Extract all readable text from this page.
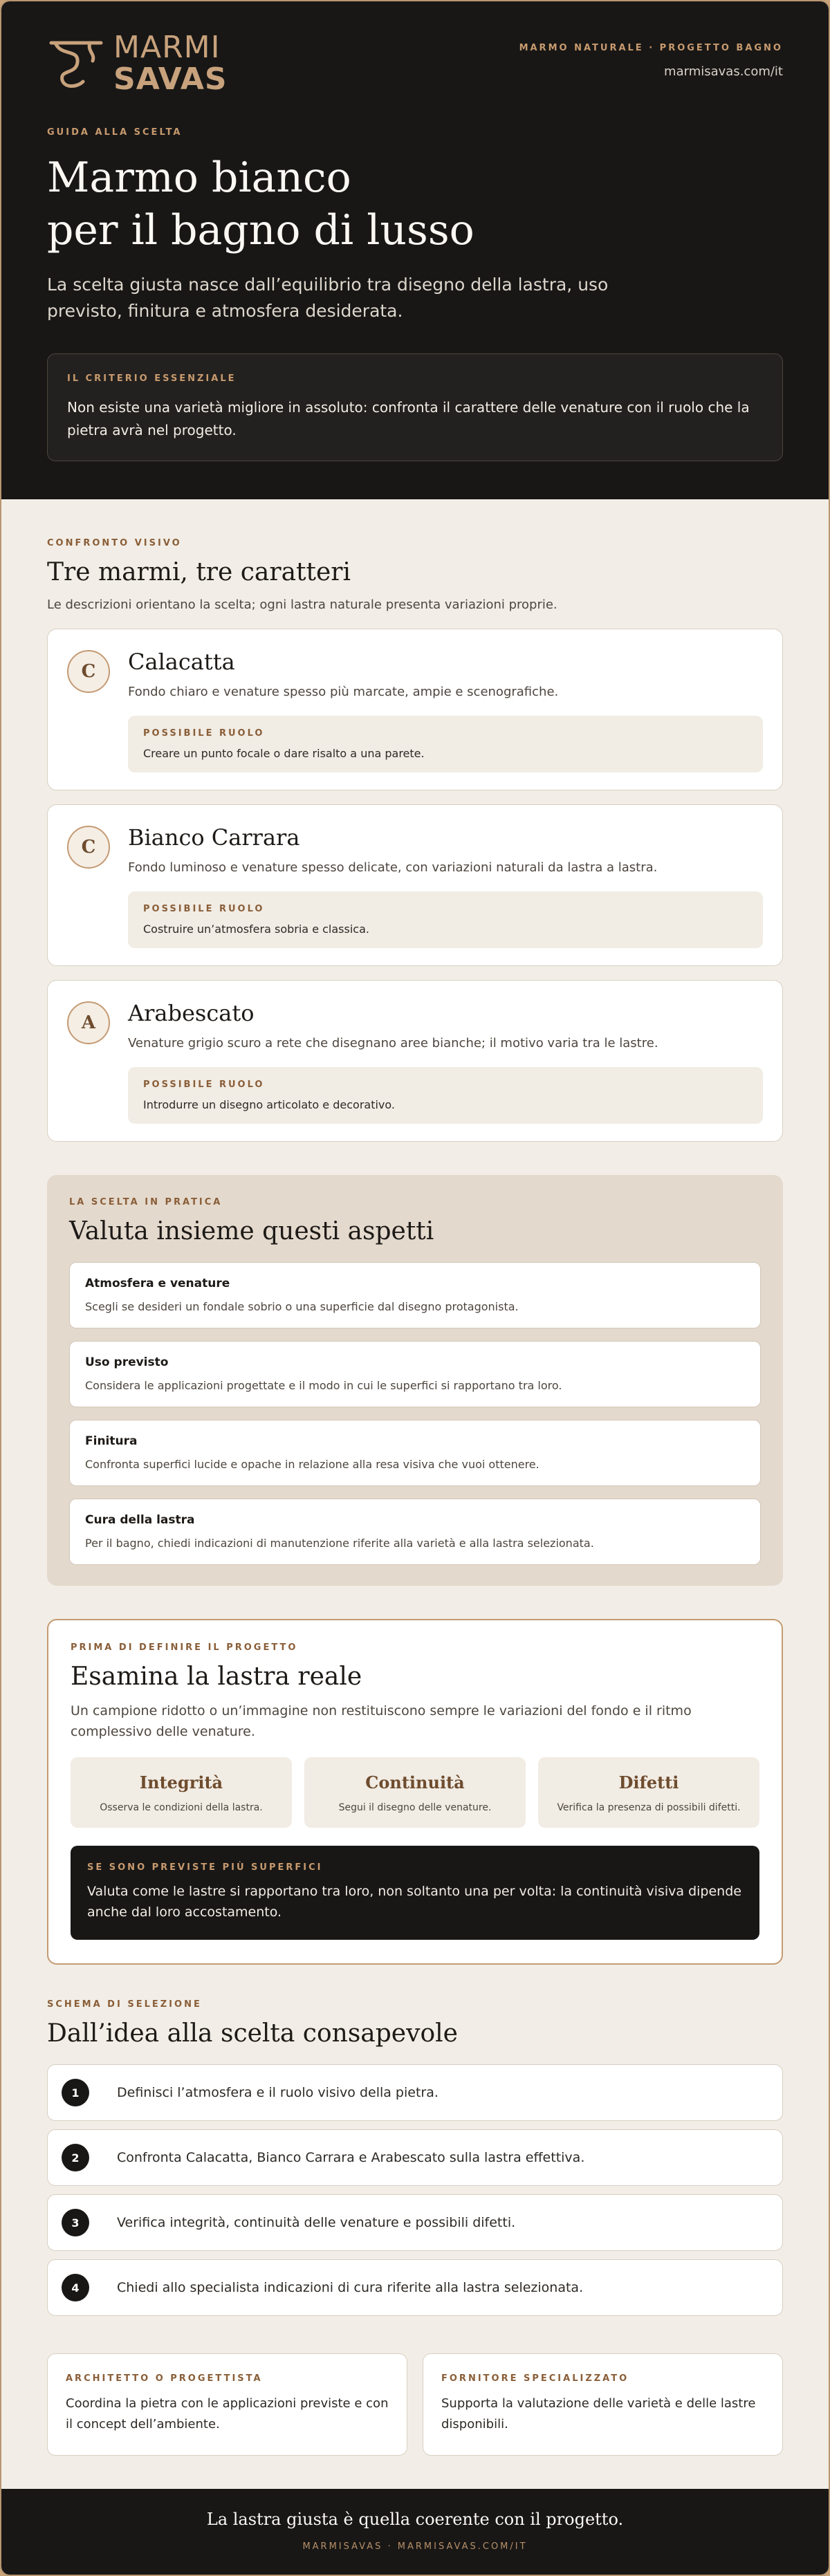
MARMI
SAVAS
MARMO NATURALE · PROGETTO BAGNO
marmisavas.com/it
GUIDA ALLA SCELTA
Marmo bianco
per il bagno di lusso

La scelta giusta nasce dall’equilibrio tra disegno della lastra, uso previsto, finitura e atmosfera desiderata.

IL CRITERIO ESSENZIALE

Non esiste una varietà migliore in assoluto: confronta il carattere delle venature con il ruolo che la pietra avrà nel progetto.

CONFRONTO VISIVO
Tre marmi, tre caratteri

Le descrizioni orientano la scelta; ogni lastra naturale presenta variazioni proprie.

C	Calacatta

Fondo chiaro e venature spesso più marcate, ampie e scenografiche.

POSSIBILE RUOLO

Creare un punto focale o dare risalto a una parete.

C	Bianco Carrara

Fondo luminoso e venature spesso delicate, con variazioni naturali da lastra a lastra.

POSSIBILE RUOLO

Costruire un’atmosfera sobria e classica.

A	Arabescato

Venature grigio scuro a rete che disegnano aree bianche; il motivo varia tra le lastre.

POSSIBILE RUOLO

Introdurre un disegno articolato e decorativo.

LA SCELTA IN PRATICA
Valuta insieme questi aspetti
Atmosfera e venature
Scegli se desideri un fondale sobrio o una superficie dal disegno protagonista.
Uso previsto
Considera le applicazioni progettate e il modo in cui le superfici si rapportano tra loro.
Finitura
Confronta superfici lucide e opache in relazione alla resa visiva che vuoi ottenere.
Cura della lastra
Per il bagno, chiedi indicazioni di manutenzione riferite alla varietà e alla lastra selezionata.
PRIMA DI DEFINIRE IL PROGETTO
Esamina la lastra reale

Un campione ridotto o un’immagine non restituiscono sempre le variazioni del fondo e il ritmo complessivo delle venature.

Integrità

Osserva le condizioni della lastra.

Continuità

Segui il disegno delle venature.

Difetti

Verifica la presenza di possibili difetti.

SE SONO PREVISTE PIÙ SUPERFICI

Valuta come le lastre si rapportano tra loro, non soltanto una per volta: la continuità visiva dipende anche dal loro accostamento.

SCHEMA DI SELEZIONE
Dall’idea alla scelta consapevole
1	Definisci l’atmosfera e il ruolo visivo della pietra.

2	Confronta Calacatta, Bianco Carrara e Arabescato sulla lastra effettiva.

3	Verifica integrità, continuità delle venature e possibili difetti.

4	Chiedi allo specialista indicazioni di cura riferite alla lastra selezionata.

ARCHITETTO O PROGETTISTA

Coordina la pietra con le applicazioni previste e con il concept dell’ambiente.

FORNITORE SPECIALIZZATO

Supporta la valutazione delle varietà e delle lastre disponibili.

La lastra giusta è quella coerente con il progetto.
MARMISAVAS · MARMISAVAS.COM/IT
